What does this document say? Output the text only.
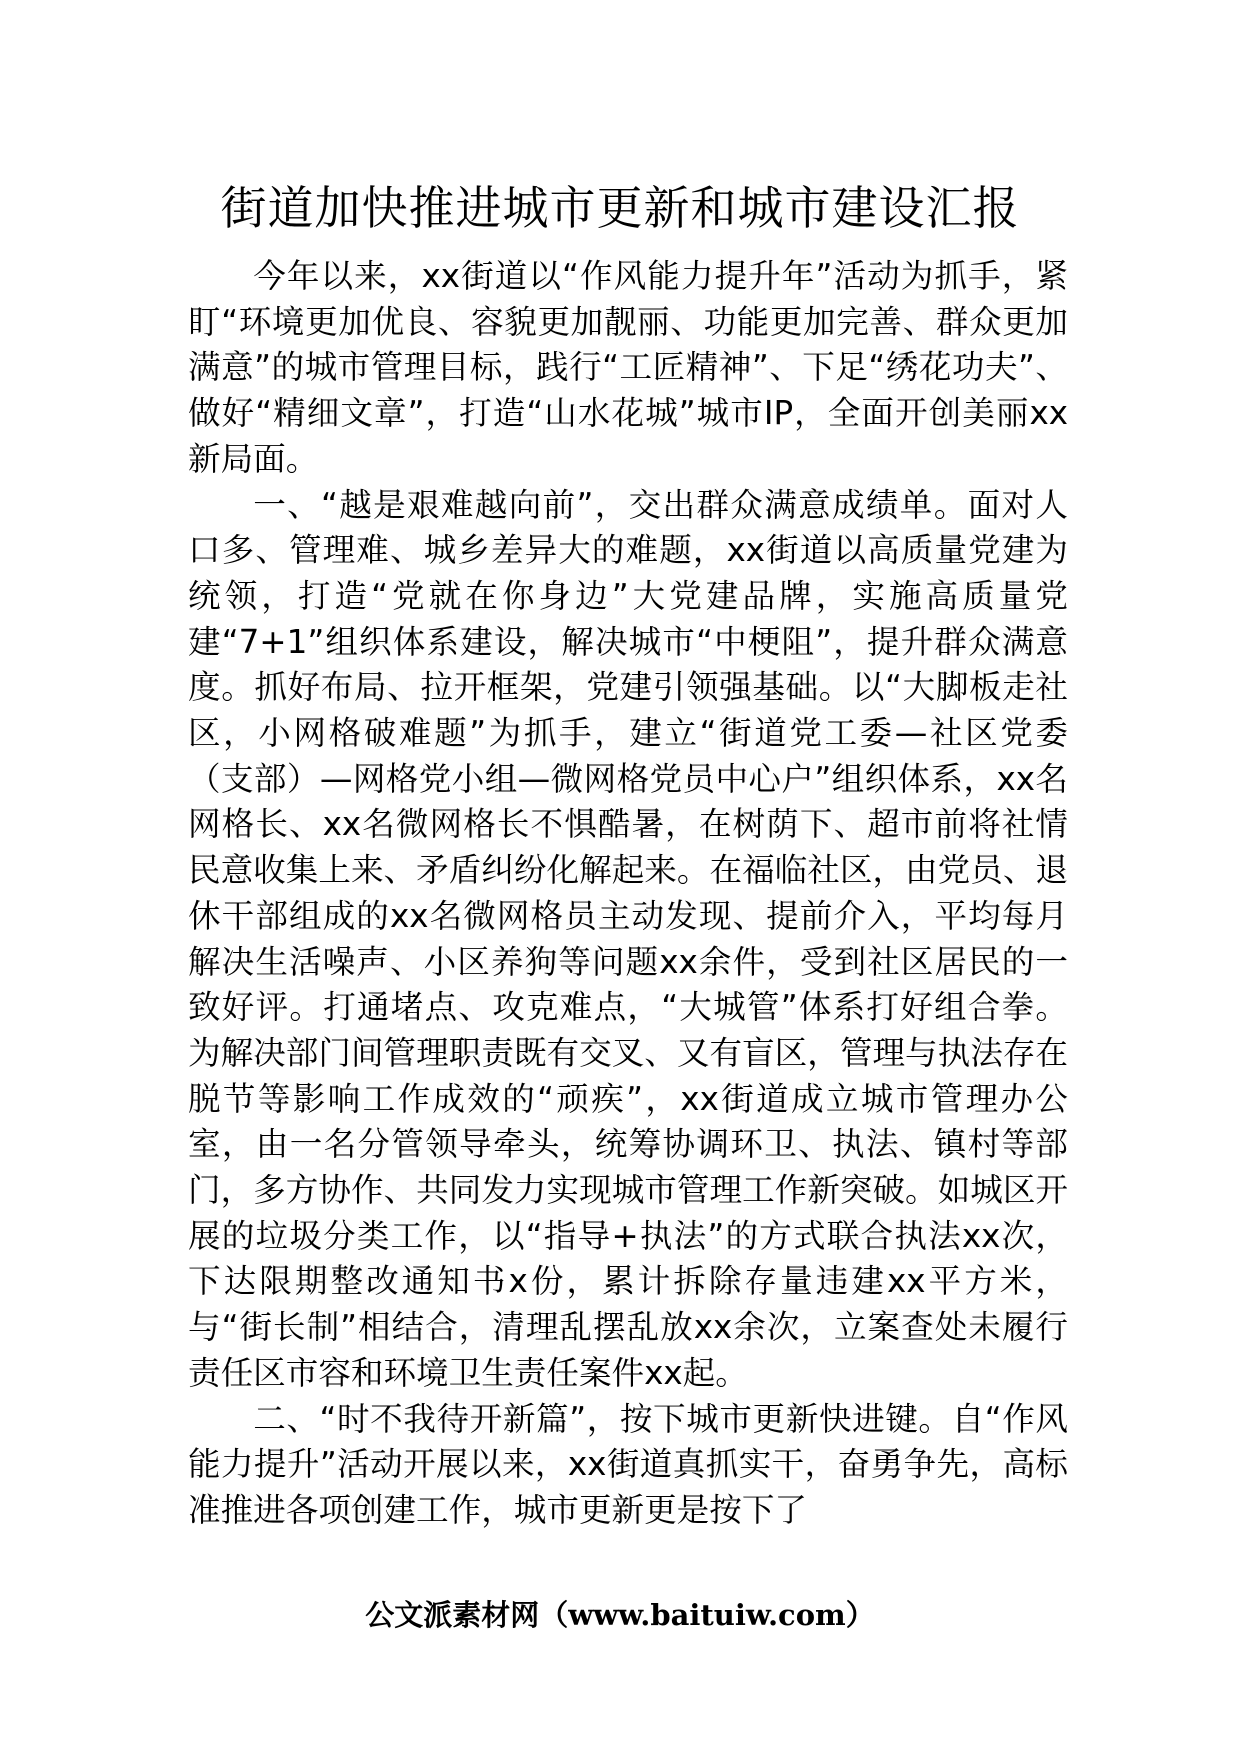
街道加快推进城市更新和城市建设汇报

今年以来，xx街道以“作风能力提升年”活动为抓手，紧盯“环境更加优良、容貌更加靓丽、功能更加完善、群众更加满意”的城市管理目标，践行“工匠精神”、下足“绣花功夫”、做好“精细文章”，打造“山水花城”城市IP，全面开创美丽xx新局面。

一、“越是艰难越向前”，交出群众满意成绩单。面对人口多、管理难、城乡差异大的难题，xx街道以高质量党建为统领，打造“党就在你身边”大党建品牌，实施高质量党建“7+1”组织体系建设，解决城市“中梗阻”，提升群众满意度。抓好布局、拉开框架，党建引领强基础。以“大脚板走社区，小网格破难题”为抓手，建立“街道党工委—社区党委（支部）—网格党小组—微网格党员中心户”组织体系，xx名网格长、xx名微网格长不惧酷暑，在树荫下、超市前将社情民意收集上来、矛盾纠纷化解起来。在福临社区，由党员、退休干部组成的xx名微网格员主动发现、提前介入，平均每月解决生活噪声、小区养狗等问题xx余件，受到社区居民的一致好评。打通堵点、攻克难点，“大城管”体系打好组合拳。为解决部门间管理职责既有交叉、又有盲区，管理与执法存在脱节等影响工作成效的“顽疾”，xx街道成立城市管理办公室，由一名分管领导牵头，统筹协调环卫、执法、镇村等部门，多方协作、共同发力实现城市管理工作新突破。如城区开展的垃圾分类工作，以“指导+执法”的方式联合执法xx次，下达限期整改通知书x份，累计拆除存量违建xx平方米，与“街长制”相结合，清理乱摆乱放xx余次，立案查处未履行责任区市容和环境卫生责任案件xx起。

二、“时不我待开新篇”，按下城市更新快进键。自“作风能力提升”活动开展以来，xx街道真抓实干，奋勇争先，高标准推进各项创建工作，城市更新更是按下了

公文派素材网（www.baituiw.com）
